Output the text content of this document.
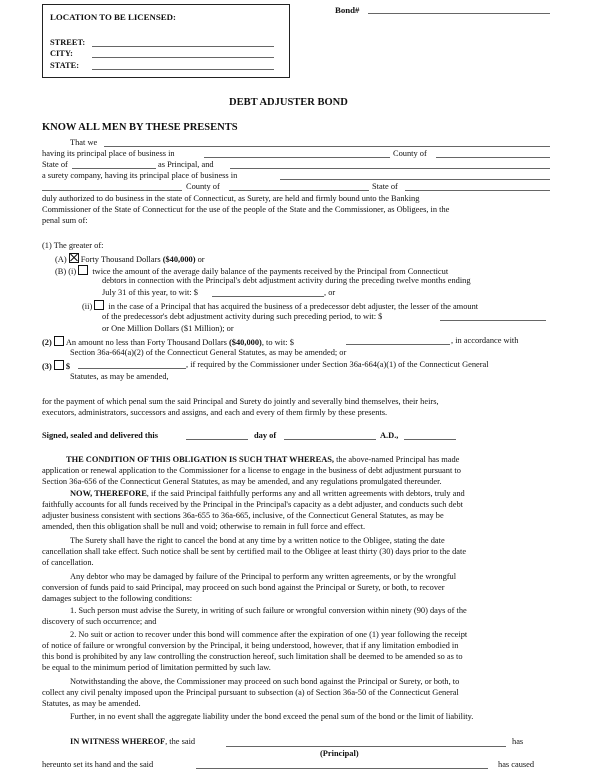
LOCATION TO BE LICENSED:
STREET:
CITY:
STATE:
Bond#
DEBT ADJUSTER BOND
KNOW ALL MEN BY THESE PRESENTS
That we
having its principal place of business in	County of
State of	as Principal, and
a surety company, having its principal place of business in
County of	State of
duly authorized to do business in the state of Connecticut, as Surety, are held and firmly bound unto the Banking
Commissioner of the State of Connecticut for the use of the people of the State and the Commissioner, as Obligees, in the
penal sum of:
(1) The greater of:
(A) Forty Thousand Dollars ($40,000) or
(B) (i) twice the amount of the average daily balance of the payments received by the Principal from Connecticut
debtors in connection with the Principal's debt adjustment activity during the preceding twelve months ending
July 31 of this year, to wit: $	, or
(ii) in the case of a Principal that has acquired the business of a predecessor debt adjuster, the lesser of the amount
of the predecessor's debt adjustment activity during such preceding period, to wit: $
or One Million Dollars ($1 Million); or
(2) An amount no less than Forty Thousand Dollars ($40,000), to wit: $	, in accordance with
Section 36a-664(a)(2) of the Connecticut General Statutes, as may be amended; or
(3) $	, if required by the Commissioner under Section 36a-664(a)(1) of the Connecticut General
Statutes, as may be amended,
for the payment of which penal sum the said Principal and Surety do jointly and severally bind themselves, their heirs,
executors, administrators, successors and assigns, and each and every of them firmly by these presents.
Signed, sealed and delivered this	day of	A.D.,
THE CONDITION OF THIS OBLIGATION IS SUCH THAT WHEREAS, the above-named Principal has made
application or renewal application to the Commissioner for a license to engage in the business of debt adjustment pursuant to
Section 36a-656 of the Connecticut General Statutes, as may be amended, and any regulations promulgated thereunder.
NOW, THEREFORE, if the said Principal faithfully performs any and all written agreements with debtors, truly and
faithfully accounts for all funds received by the Principal in the Principal's capacity as a debt adjuster, and conducts such debt
adjuster business consistent with sections 36a-655 to 36a-665, inclusive, of the Connecticut General Statutes, as may be
amended, then this obligation shall be null and void; otherwise to remain in full force and effect.
The Surety shall have the right to cancel the bond at any time by a written notice to the Obligee, stating the date
cancellation shall take effect. Such notice shall be sent by certified mail to the Obligee at least thirty (30) days prior to the date
of cancellation.
Any debtor who may be damaged by failure of the Principal to perform any written agreements, or by the wrongful
conversion of funds paid to said Principal, may proceed on such bond against the Principal or Surety, or both, to recover
damages subject to the following conditions:
1. Such person must advise the Surety, in writing of such failure or wrongful conversion within ninety (90) days of the
discovery of such occurrence; and
2. No suit or action to recover under this bond will commence after the expiration of one (1) year following the receipt
of notice of failure or wrongful conversion by the Principal, it being understood, however, that if any limitation embodied in
this bond is prohibited by any law controlling the construction hereof, such limitation shall be deemed to be amended so as to
be equal to the minimum period of limitation permitted by such law.
Notwithstanding the above, the Commissioner may proceed on such bond against the Principal or Surety, or both, to
collect any civil penalty imposed upon the Principal pursuant to subsection (a) of Section 36a-50 of the Connecticut General
Statutes, as may be amended.
Further, in no event shall the aggregate liability under the bond exceed the penal sum of the bond or the limit of liability.
IN WITNESS WHEREOF, the said	has
(Principal)
hereunto set its hand and the said	has caused
